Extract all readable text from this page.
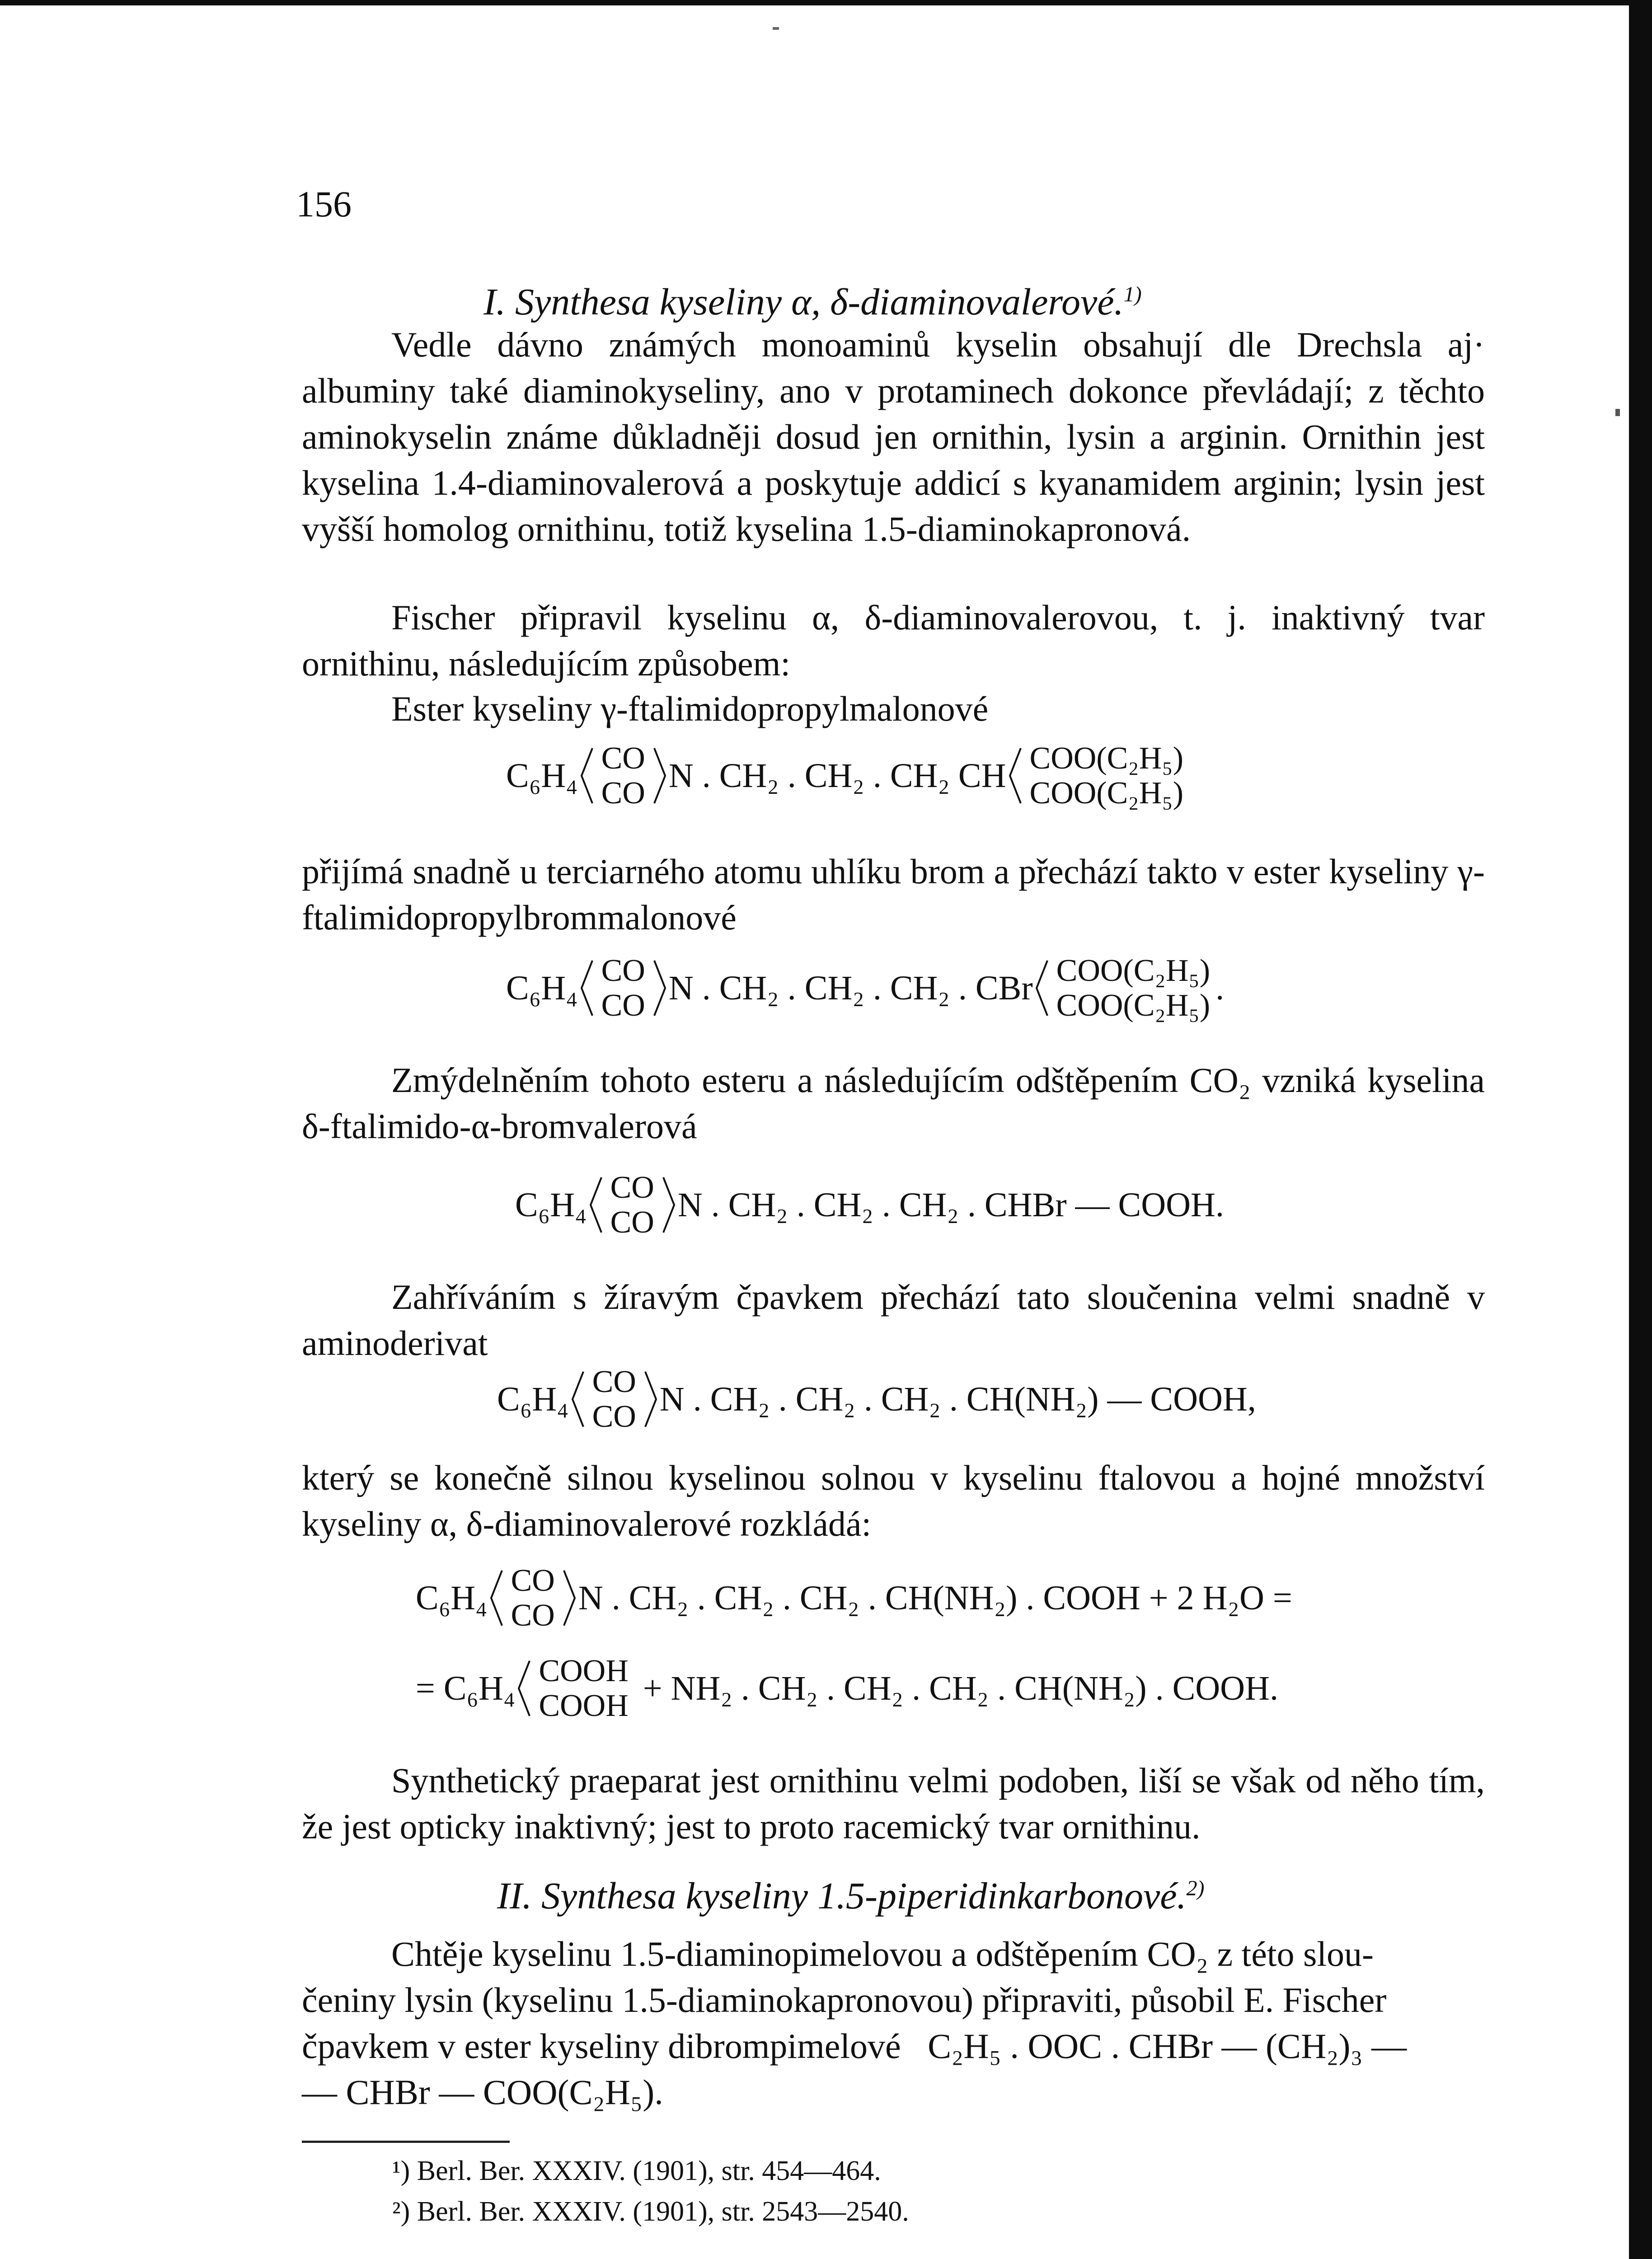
156
I. Synthesa kyseliny α, δ-diaminovalerové.$^{1)}$

Vedle dávno známých monoaminů kyselin obsahují dle Drechsla aj· albuminy také diaminokyseliny, ano v protaminech dokonce převládají; z těchto aminokyselin známe důkladněji dosud jen ornithin, lysin a arginin. Ornithin jest kyselina 1.4-diaminovalerová a poskytuje addicí s kyanamidem arginin; lysin jest vyšší homolog ornithinu, totiž kyselina 1.5-diaminokapronová.

Fischer připravil kyselinu α, δ-diaminovalerovou, t. j. inaktivný tvar ornithinu, následujícím způsobem:

Ester kyseliny γ-ftalimidopropylmalonové
C₆H₄ CO
CO N . CH₂ . CH₂ . CH₂ CH COO(C₂H₅)
COO(C₂H₅)

přijímá snadně u terciarného atomu uhlíku brom a přechází takto v ester kyseliny γ-ftalimidopropylbrommalonové

C₆H₄ CO
CO N . CH₂ . CH₂ . CH₂ . CBr COO(C₂H₅)
COO(C₂H₅) .

Zmýdelněním tohoto esteru a následujícím odštěpením CO₂ vzniká kyselina δ-ftalimido-α-bromvalerová

C₆H₄ CO
CO N . CH₂ . CH₂ . CH₂ . CHBr — COOH.

Zahříváním s žíravým čpavkem přechází tato sloučenina velmi snadně v aminoderivat

C₆H₄ CO
CO N . CH₂ . CH₂ . CH₂ . CH(NH₂) — COOH,

který se konečně silnou kyselinou solnou v kyselinu ftalovou a hojné množství kyseliny α, δ-diaminovalerové rozkládá:

C₆H₄ CO
CO N . CH₂ . CH₂ . CH₂ . CH(NH₂) . COOH + 2 H₂O =
= C₆H₄ COOH
COOH + NH₂ . CH₂ . CH₂ . CH₂ . CH(NH₂) . COOH.

Synthetický praeparat jest ornithinu velmi podoben, liší se však od něho tím, že jest opticky inaktivný; jest to proto racemický tvar ornithinu.

II. Synthesa kyseliny 1.5-piperidinkarbonové.$^{2)}$
Chtěje kyselinu 1.5-diaminopimelovou a odštěpením CO₂ z této slou-
čeniny lysin (kyselinu 1.5-diaminokapronovou) připraviti, působil E. Fischer
čpavkem v ester kyseliny dibrompimelové C₂H₅ . OOC . CHBr — (CH₂)₃ —
— CHBr — COO(C₂H₅).
¹) Berl. Ber. XXXIV. (1901), str. 454—464.
²) Berl. Ber. XXXIV. (1901), str. 2543—2540.
